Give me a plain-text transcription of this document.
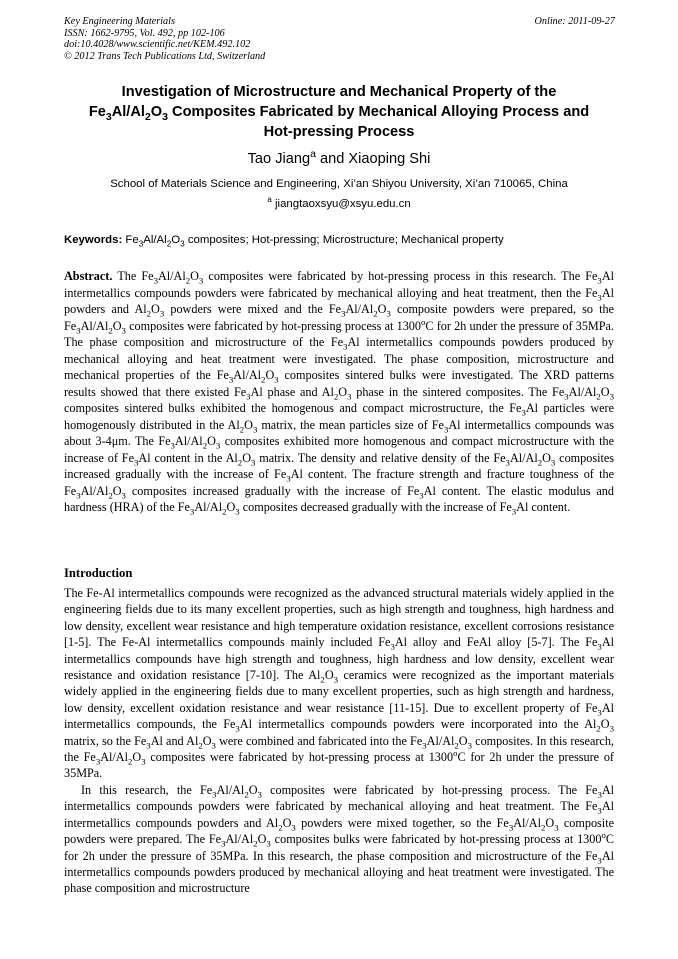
Key Engineering Materials
ISSN: 1662-9795, Vol. 492, pp 102-106
doi:10.4028/www.scientific.net/KEM.492.102
© 2012 Trans Tech Publications Ltd, Switzerland
Online: 2011-09-27
Investigation of Microstructure and Mechanical Property of the
$Fe_3Al/Al_2O_3$ Composites Fabricated by Mechanical Alloying Process and
Hot-pressing Process
Tao Jiang$^a$ and Xiaoping Shi
School of Materials Science and Engineering, Xi’an Shiyou University, Xi’an 710065, China
$^a$ jiangtaoxsyu@xsyu.edu.cn
Keywords: $Fe_3Al/Al_2O_3$ composites; Hot-pressing; Microstructure; Mechanical property
Abstract. The $Fe_3Al/Al_2O_3$ composites were fabricated by hot-pressing process in this research. The $Fe_3Al$ intermetallics compounds powders were fabricated by mechanical alloying and heat treatment, then the $Fe_3Al$ powders and $Al_2O_3$ powders were mixed and the $Fe_3Al/Al_2O_3$ composite powders were prepared, so the $Fe_3Al/Al_2O_3$ composites were fabricated by hot-pressing process at 1300$^o$C for 2h under the pressure of 35MPa. The phase composition and microstructure of the $Fe_3Al$ intermetallics compounds powders produced by mechanical alloying and heat treatment were investigated. The phase composition, microstructure and mechanical properties of the $Fe_3Al/Al_2O_3$ composites sintered bulks were investigated. The XRD patterns results showed that there existed $Fe_3Al$ phase and $Al_2O_3$ phase in the sintered composites. The $Fe_3Al/Al_2O_3$ composites sintered bulks exhibited the homogenous and compact microstructure, the $Fe_3Al$ particles were homogenously distributed in the $Al_2O_3$ matrix, the mean particles size of $Fe_3Al$ intermetallics compounds was about 3-4μm. The $Fe_3Al/Al_2O_3$ composites exhibited more homogenous and compact microstructure with the increase of $Fe_3Al$ content in the $Al_2O_3$ matrix. The density and relative density of the $Fe_3Al/Al_2O_3$ composites increased gradually with the increase of $Fe_3Al$ content. The fracture strength and fracture toughness of the $Fe_3Al/Al_2O_3$ composites increased gradually with the increase of $Fe_3Al$ content. The elastic modulus and hardness (HRA) of the $Fe_3Al/Al_2O_3$ composites decreased gradually with the increase of $Fe_3Al$ content.
Introduction

The Fe-Al intermetallics compounds were recognized as the advanced structural materials widely applied in the engineering fields due to its many excellent properties, such as high strength and toughness, high hardness and low density, excellent wear resistance and high temperature oxidation resistance, excellent corrosions resistance [1-5]. The Fe-Al intermetallics compounds mainly included $Fe_3Al$ alloy and FeAl alloy [5-7]. The $Fe_3Al$ intermetallics compounds have high strength and toughness, high hardness and low density, excellent wear resistance and oxidation resistance [7-10]. The $Al_2O_3$ ceramics were recognized as the important materials widely applied in the engineering fields due to many excellent properties, such as high strength and hardness, low density, excellent oxidation resistance and wear resistance [11-15]. Due to excellent property of $Fe_3Al$ intermetallics compounds, the $Fe_3Al$ intermetallics compounds powders were incorporated into the $Al_2O_3$ matrix, so the $Fe_3Al$ and $Al_2O_3$ were combined and fabricated into the $Fe_3Al/Al_2O_3$ composites. In this research, the $Fe_3Al/Al_2O_3$ composites were fabricated by hot-pressing process at 1300$^o$C for 2h under the pressure of 35MPa.

In this research, the $Fe_3Al/Al_2O_3$ composites were fabricated by hot-pressing process. The $Fe_3Al$ intermetallics compounds powders were fabricated by mechanical alloying and heat treatment. The $Fe_3Al$ intermetallics compounds powders and $Al_2O_3$ powders were mixed together, so the $Fe_3Al/Al_2O_3$ composite powders were prepared. The $Fe_3Al/Al_2O_3$ composites bulks were fabricated by hot-pressing process at 1300$^o$C for 2h under the pressure of 35MPa. In this research, the phase composition and microstructure of the $Fe_3Al$ intermetallics compounds powders produced by mechanical alloying and heat treatment were investigated. The phase composition and microstructure
